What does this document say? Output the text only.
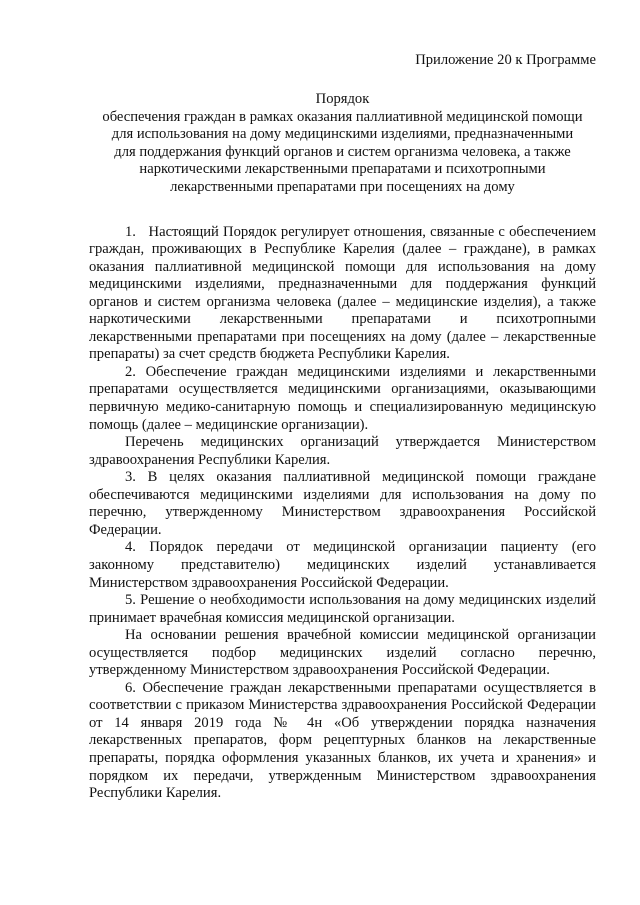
Приложение 20 к Программе

Порядок
обеспечения граждан в рамках оказания паллиативной медицинской помощи
для использования на дому медицинскими изделиями, предназначенными
для поддержания функций органов и систем организма человека, а также
наркотическими лекарственными препаратами и психотропными
лекарственными препаратами при посещениях на дому

1.   Настоящий Порядок регулирует отношения, связанные с обеспечением граждан, проживающих в Республике Карелия (далее – граждане), в рамках оказания паллиативной медицинской помощи для использования на дому медицинскими изделиями, предназначенными для поддержания функций органов и систем организма человека (далее – медицинские изделия), а также наркотическими лекарственными препаратами и психотропными лекарственными препаратами при посещениях на дому (далее – лекарственные препараты) за счет средств бюджета Республики Карелия.

2. Обеспечение граждан медицинскими изделиями и лекарственными препаратами осуществляется медицинскими организациями, оказывающими первичную медико-санитарную помощь и специализированную медицинскую помощь (далее – медицинские организации).

Перечень медицинских организаций утверждается Министерством здравоохранения Республики Карелия.

3. В целях оказания паллиативной медицинской помощи граждане обеспечиваются медицинскими изделиями для использования на дому по перечню, утвержденному Министерством здравоохранения Российской Федерации.

4. Порядок передачи от медицинской организации пациенту (его законному представителю) медицинских изделий устанавливается Министерством здравоохранения Российской Федерации.

5. Решение о необходимости использования на дому медицинских изделий принимает врачебная комиссия медицинской организации.

На основании решения врачебной комиссии медицинской организации осуществляется подбор медицинских изделий согласно перечню, утвержденному Министерством здравоохранения Российской Федерации.

6. Обеспечение граждан лекарственными препаратами осуществляется в соответствии с приказом Министерства здравоохранения Российской Федерации от 14 января 2019 года № 4н «Об утверждении порядка назначения лекарственных препаратов, форм рецептурных бланков на лекарственные препараты, порядка оформления указанных бланков, их учета и хранения» и порядком их передачи, утвержденным Министерством здравоохранения Республики Карелия.
